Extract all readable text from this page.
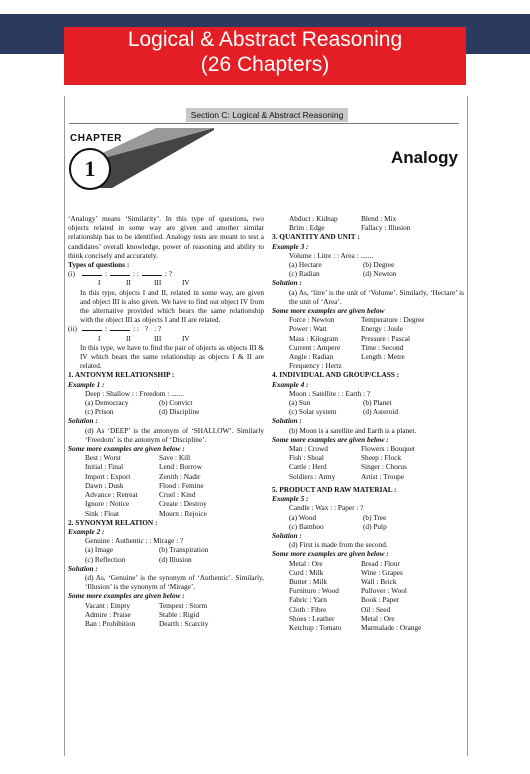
Logical & Abstract Reasoning
(26 Chapters)
Section C: Logical & Abstract Reasoning
CHAPTER
1	Analogy

‘Analogy’ means ‘Similarity’. In this type of questions, two objects related in some way are given and another similar relationship has to be identified. Analogy tests are meant to test a candidates’ overall knowledge, power of reasoning and ability to think concisely and accurately.

Types of questions :
(i)	:	: :	: ?
I	II	III	IV

In this type, objects I and II, related in some way, are given and object III is also given. We have to find out object IV from the alternative provided which bears the same relationship with the object III as objects I and II are related.

(ii)	:	: : ? : ?
I	II	III	IV

In this type, we have to find the pair of objects as objects III & IV which bears the same relationship as objects I & II are related.

1. ANTONYM RELATIONSHIP :
Example 1 :
Deep : Shallow : : Freedom : .......
(a) Democracy	(b) Convict
(c) Prison	(d) Discipline
Solution :

(d) As ‘DEEP’ is the antonym of ‘SHALLOW’. Similarly ‘Freedom’ is the antonym of ‘Discipline’.

Some more examples are given below :
Best : Worst	Save : Kill
Initial : Final	Lend : Borrow
Import : Export	Zenith : Nadir
Dawn : Dusk	Flood : Femine
Advance : Retreat	Cruel : Kind
Ignore : Notice	Create : Destroy
Sink : Float	Mourn : Rejoice
2. SYNONYM RELATION :
Example 2 :
Genuine : Authentic : : Mirage : ?
(a) Image	(b) Transpiration
(c) Reflection	(d) Illusion
Solution :

(d) As, ‘Genuine’ is the synonym of ‘Authentic’. Similarly, ‘Illusion’ is the synonym of ‘Mirage’.

Some more examples are given below :
Vacant : Empty	Tempest : Storm
Admire : Praise	Stable : Rigid
Ban : Prohibition	Dearth : Scarcity
Abduct : Kidnap	Blend : Mix
Brim : Edge	Fallacy : Illusion
3. QUANTITY AND UNIT :
Example 3 :
Volume : Litre : : Area : .......
(a) Hectare	(b) Degree
(c) Radian	(d) Newton
Solution :

(a) As, ‘litre’ is the unit of ‘Volume’. Similarly, ‘Hectare’ is the unit of ‘Area’.

Some more examples are given below
Force : Newton	Temperature : Degree
Power : Watt	Energy : Joule
Mass : Kilogram	Pressure : Pascal
Current : Ampere	Time : Second
Angle : Radian	Length : Metre
Frequency : Hertz
4. INDIVIDUAL AND GROUP/CLASS :
Example 4 :
Moon : Satellite : : Earth : ?
(a) Sun	(b) Planet
(c) Solar system	(d) Asteroid
Solution :

(b) Moon is a satellite and Earth is a planet.

Some more examples are given below :
Man : Crowd	Flowers : Bouquet
Fish : Shoal	Sheep : Flock
Cattle : Herd	Singer : Chorus
Soldiers : Army	Artist : Troupe
5. PRODUCT AND RAW MATERIAL :
Example 5 :
Candle : Wax : : Paper : ?
(a) Wood	(b) Tree
(c) Bamboo	(d) Pulp
Solution :

(d) First is made from the second.

Some more examples are given below :
Metal : Ore	Bread : Flour
Curd : Milk	Wine : Grapes
Butter : Milk	Wall : Brick
Furniture : Wood	Pullover : Wool
Fabric : Yarn	Book : Paper
Cloth : Fibre	Oil : Seed
Shoes : Leather	Metal : Ore
Ketchup : Tomato	Marmalade : Orange
